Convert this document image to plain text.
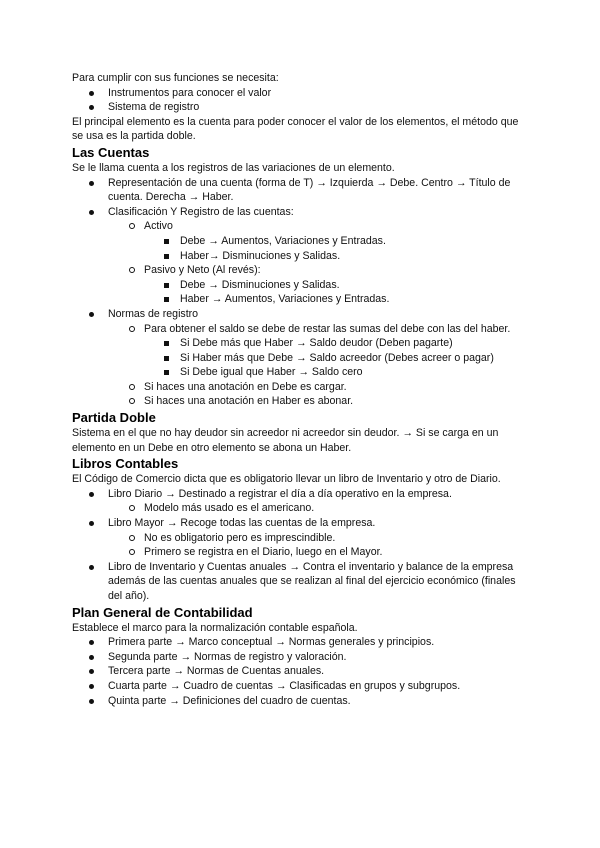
Para cumplir con sus funciones se necesita:

Instrumentos para conocer el valor
Sistema de registro

El principal elemento es la cuenta para poder conocer el valor de los elementos, el método que se usa es la partida doble.

Las Cuentas

Se le llama cuenta a los registros de las variaciones de un elemento.

Representación de una cuenta (forma de T) → Izquierda → Debe. Centro → Título de cuenta. Derecha → Haber.
Clasificación Y Registro de las cuentas:
Activo
Debe → Aumentos, Variaciones y Entradas.
Haber→ Disminuciones y Salidas.
Pasivo y Neto (Al revés):
Debe → Disminuciones y Salidas.
Haber → Aumentos, Variaciones y Entradas.
Normas de registro
Para obtener el saldo se debe de restar las sumas del debe con las del haber.
Si Debe más que Haber → Saldo deudor (Deben pagarte)
Si Haber más que Debe → Saldo acreedor (Debes acreer o pagar)
Si Debe igual que Haber → Saldo cero
Si haces una anotación en Debe es cargar.
Si haces una anotación en Haber es abonar.
Partida Doble

Sistema en el que no hay deudor sin acreedor ni acreedor sin deudor. → Si se carga en un elemento en un Debe en otro elemento se abona un Haber.

Libros Contables

El Código de Comercio dicta que es obligatorio llevar un libro de Inventario y otro de Diario.

Libro Diario → Destinado a registrar el día a día operativo en la empresa.
Modelo más usado es el americano.
Libro Mayor → Recoge todas las cuentas de la empresa.
No es obligatorio pero es imprescindible.
Primero se registra en el Diario, luego en el Mayor.
Libro de Inventario y Cuentas anuales → Contra el inventario y balance de la empresa además de las cuentas anuales que se realizan al final del ejercicio económico (finales del año).
Plan General de Contabilidad

Establece el marco para la normalización contable española.

Primera parte → Marco conceptual → Normas generales y principios.
Segunda parte → Normas de registro y valoración.
Tercera parte → Normas de Cuentas anuales.
Cuarta parte → Cuadro de cuentas → Clasificadas en grupos y subgrupos.
Quinta parte → Definiciones del cuadro de cuentas.
